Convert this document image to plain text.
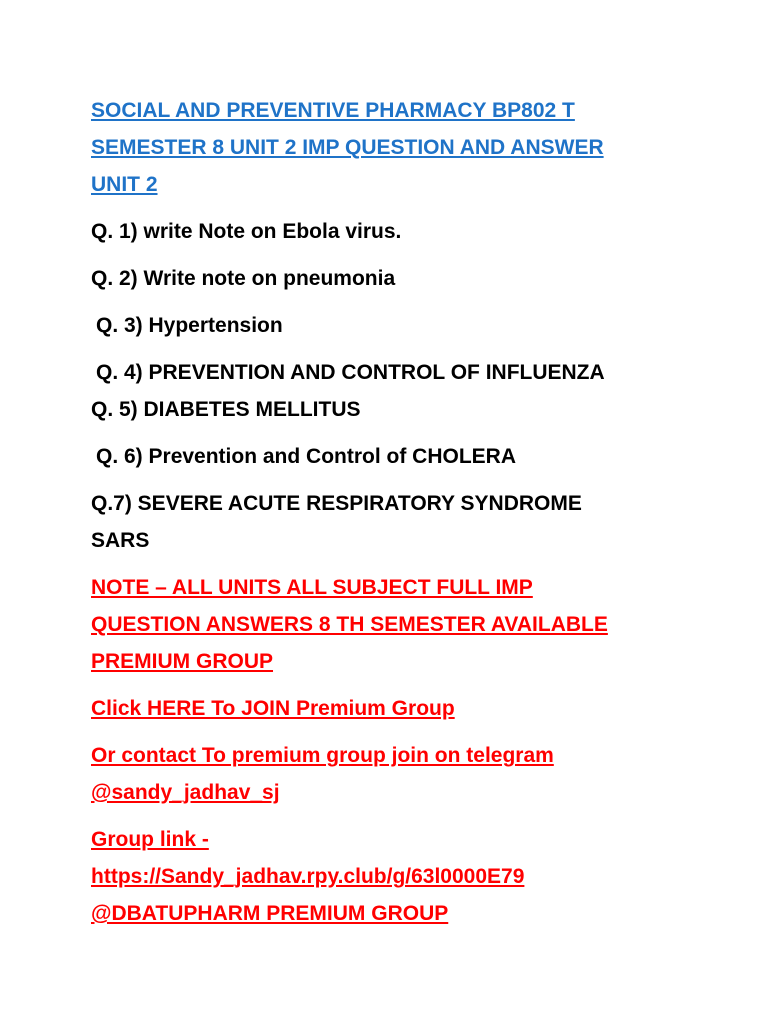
SOCIAL AND PREVENTIVE PHARMACY BP802 T
SEMESTER 8 UNIT 2 IMP QUESTION AND ANSWER
UNIT 2
Q. 1) write Note on Ebola virus.
Q. 2) Write note on pneumonia
Q. 3) Hypertension
Q. 4) PREVENTION AND CONTROL OF INFLUENZA
Q. 5) DIABETES MELLITUS
Q. 6) Prevention and Control of CHOLERA
Q.7) SEVERE ACUTE RESPIRATORY SYNDROME
SARS
NOTE – ALL UNITS ALL SUBJECT FULL IMP
QUESTION ANSWERS 8 TH SEMESTER AVAILABLE
PREMIUM GROUP
Click HERE To JOIN Premium Group
Or contact To premium group join on telegram
@sandy_jadhav_sj
Group link -
https://Sandy_jadhav.rpy.club/g/63l0000E79
@DBATUPHARM PREMIUM GROUP
